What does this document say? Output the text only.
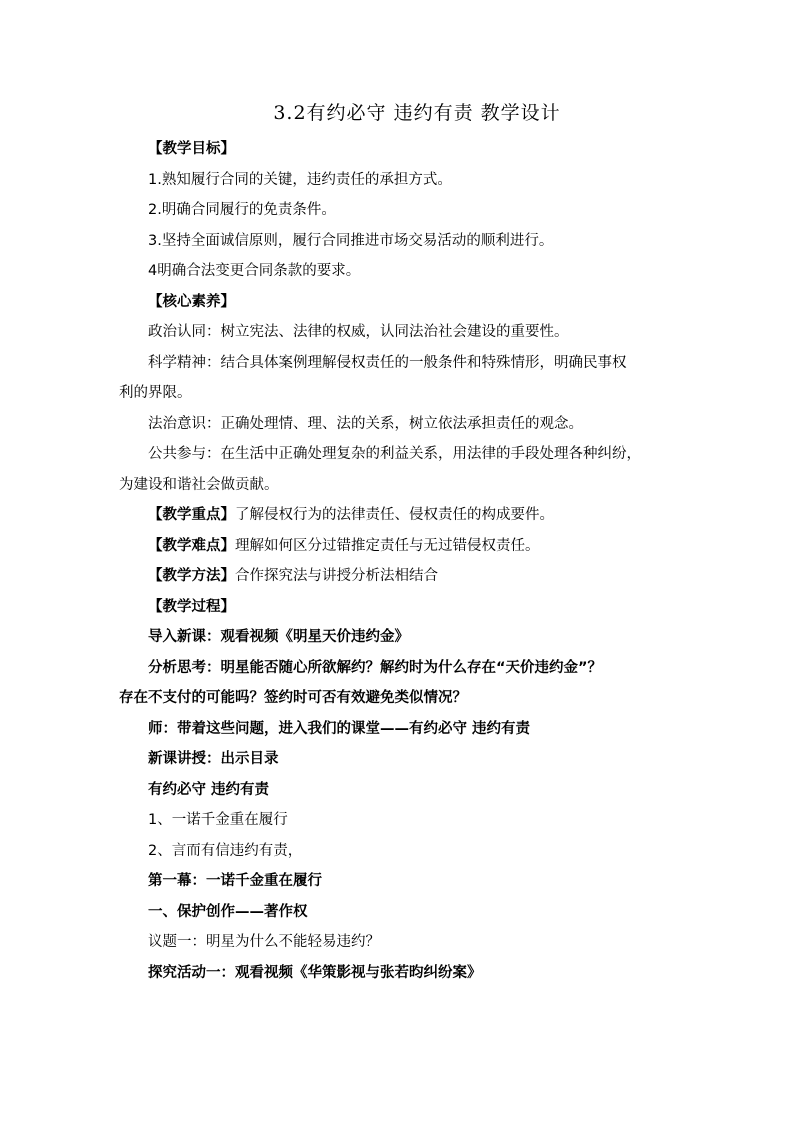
3.2有约必守 违约有责 教学设计
【教学目标】
1.熟知履行合同的关键，违约责任的承担方式。
2.明确合同履行的免责条件。
3.坚持全面诚信原则，履行合同推进市场交易活动的顺利进行。
4明确合法变更合同条款的要求。
【核心素养】
政治认同：树立宪法、法律的权威，认同法治社会建设的重要性。
科学精神：结合具体案例理解侵权责任的一般条件和特殊情形，明确民事权
利的界限。
法治意识：正确处理情、理、法的关系，树立依法承担责任的观念。
公共参与：在生活中正确处理复杂的利益关系，用法律的手段处理各种纠纷，
为建设和谐社会做贡献。
【教学重点】了解侵权行为的法律责任、侵权责任的构成要件。
【教学难点】理解如何区分过错推定责任与无过错侵权责任。
【教学方法】合作探究法与讲授分析法相结合
【教学过程】
导入新课：观看视频《明星天价违约金》
分析思考：明星能否随心所欲解约？解约时为什么存在“天价违约金”？
存在不支付的可能吗？签约时可否有效避免类似情况？
师：带着这些问题，进入我们的课堂——有约必守 违约有责
新课讲授：出示目录
有约必守 违约有责
1、一诺千金重在履行
2、言而有信违约有责，
第一幕：一诺千金重在履行
一、保护创作——著作权
议题一：明星为什么不能轻易违约？
探究活动一：观看视频《华策影视与张若昀纠纷案》
